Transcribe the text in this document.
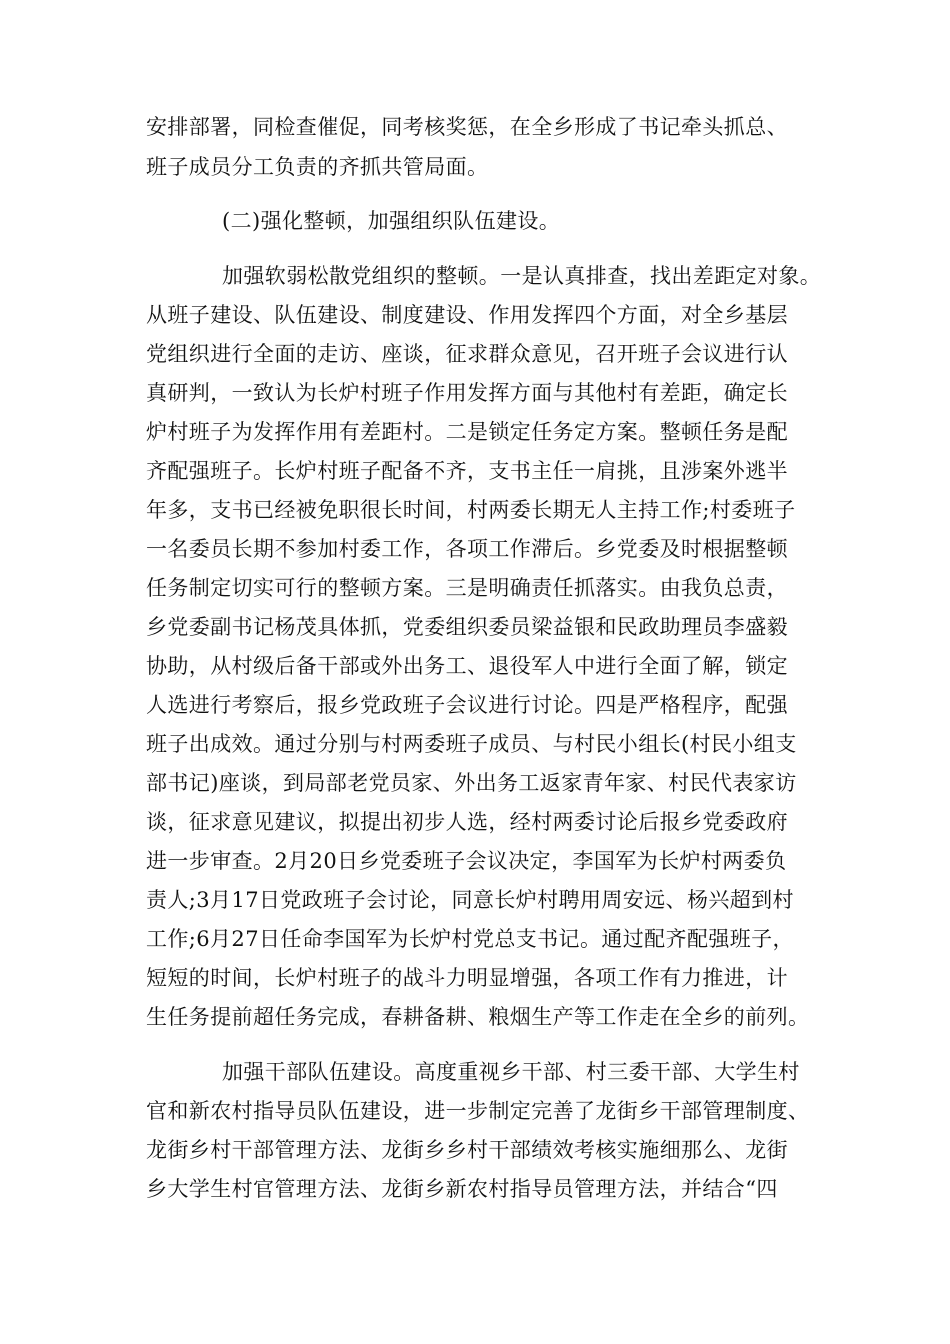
安排部署，同检查催促，同考核奖惩，在全乡形成了书记牵头抓总、
班子成员分工负责的齐抓共管局面。
(二)强化整顿，加强组织队伍建设。
加强软弱松散党组织的整顿。一是认真排查，找出差距定对象。
从班子建设、队伍建设、制度建设、作用发挥四个方面，对全乡基层
党组织进行全面的走访、座谈，征求群众意见，召开班子会议进行认
真研判，一致认为长炉村班子作用发挥方面与其他村有差距，确定长
炉村班子为发挥作用有差距村。二是锁定任务定方案。整顿任务是配
齐配强班子。长炉村班子配备不齐，支书主任一肩挑，且涉案外逃半
年多，支书已经被免职很长时间，村两委长期无人主持工作;村委班子
一名委员长期不参加村委工作，各项工作滞后。乡党委及时根据整顿
任务制定切实可行的整顿方案。三是明确责任抓落实。由我负总责，
乡党委副书记杨茂具体抓，党委组织委员梁益银和民政助理员李盛毅
协助，从村级后备干部或外出务工、退役军人中进行全面了解，锁定
人选进行考察后，报乡党政班子会议进行讨论。四是严格程序，配强
班子出成效。通过分别与村两委班子成员、与村民小组长(村民小组支
部书记)座谈，到局部老党员家、外出务工返家青年家、村民代表家访
谈，征求意见建议，拟提出初步人选，经村两委讨论后报乡党委政府
进一步审查。2月20日乡党委班子会议决定，李国军为长炉村两委负
责人;3月17日党政班子会讨论，同意长炉村聘用周安远、杨兴超到村
工作;6月27日任命李国军为长炉村党总支书记。通过配齐配强班子，
短短的时间，长炉村班子的战斗力明显增强，各项工作有力推进，计
生任务提前超任务完成，春耕备耕、粮烟生产等工作走在全乡的前列。
加强干部队伍建设。高度重视乡干部、村三委干部、大学生村
官和新农村指导员队伍建设，进一步制定完善了龙街乡干部管理制度、
龙街乡村干部管理方法、龙街乡乡村干部绩效考核实施细那么、龙街
乡大学生村官管理方法、龙街乡新农村指导员管理方法，并结合“四
